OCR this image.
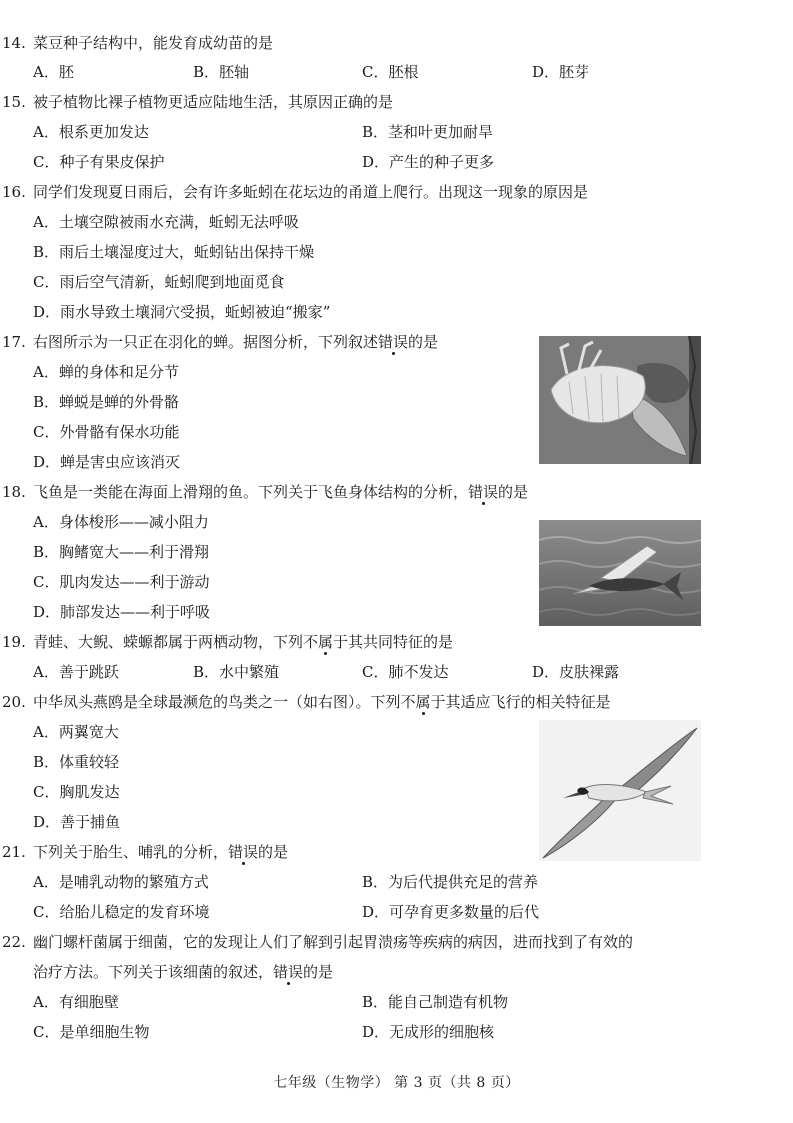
14. 菜豆种子结构中，能发育成幼苗的是
A．胚	B．胚轴	C．胚根	D．胚芽
15. 被子植物比裸子植物更适应陆地生活，其原因正确的是
A．根系更加发达	B．茎和叶更加耐旱
C．种子有果皮保护	D．产生的种子更多
16. 同学们发现夏日雨后，会有许多蚯蚓在花坛边的甬道上爬行。出现这一现象的原因是
A．土壤空隙被雨水充满，蚯蚓无法呼吸
B．雨后土壤湿度过大，蚯蚓钻出保持干燥
C．雨后空气清新，蚯蚓爬到地面觅食
D．雨水导致土壤洞穴受损，蚯蚓被迫“搬家”
17. 右图所示为一只正在羽化的蝉。据图分析，下列叙述错误的是
A．蝉的身体和足分节
B．蝉蜕是蝉的外骨骼
C．外骨骼有保水功能
D．蝉是害虫应该消灭
18. 飞鱼是一类能在海面上滑翔的鱼。下列关于飞鱼身体结构的分析，错误的是
A．身体梭形——减小阻力
B．胸鳍宽大——利于滑翔
C．肌肉发达——利于游动
D．肺部发达——利于呼吸
19. 青蛙、大鲵、蝾螈都属于两栖动物，下列不属于其共同特征的是
A．善于跳跃	B．水中繁殖	C．肺不发达	D．皮肤裸露
20. 中华凤头燕鸥是全球最濒危的鸟类之一（如右图）。下列不属于其适应飞行的相关特征是
A．两翼宽大
B．体重较轻
C．胸肌发达
D．善于捕鱼
21. 下列关于胎生、哺乳的分析，错误的是
A．是哺乳动物的繁殖方式	B．为后代提供充足的营养
C．给胎儿稳定的发育环境	D．可孕育更多数量的后代
22. 幽门螺杆菌属于细菌，它的发现让人们了解到引起胃溃疡等疾病的病因，进而找到了有效的
治疗方法。下列关于该细菌的叙述，错误的是
A．有细胞壁	B．能自己制造有机物
C．是单细胞生物	D．无成形的细胞核
七年级（生物学） 第 3 页（共 8 页）
